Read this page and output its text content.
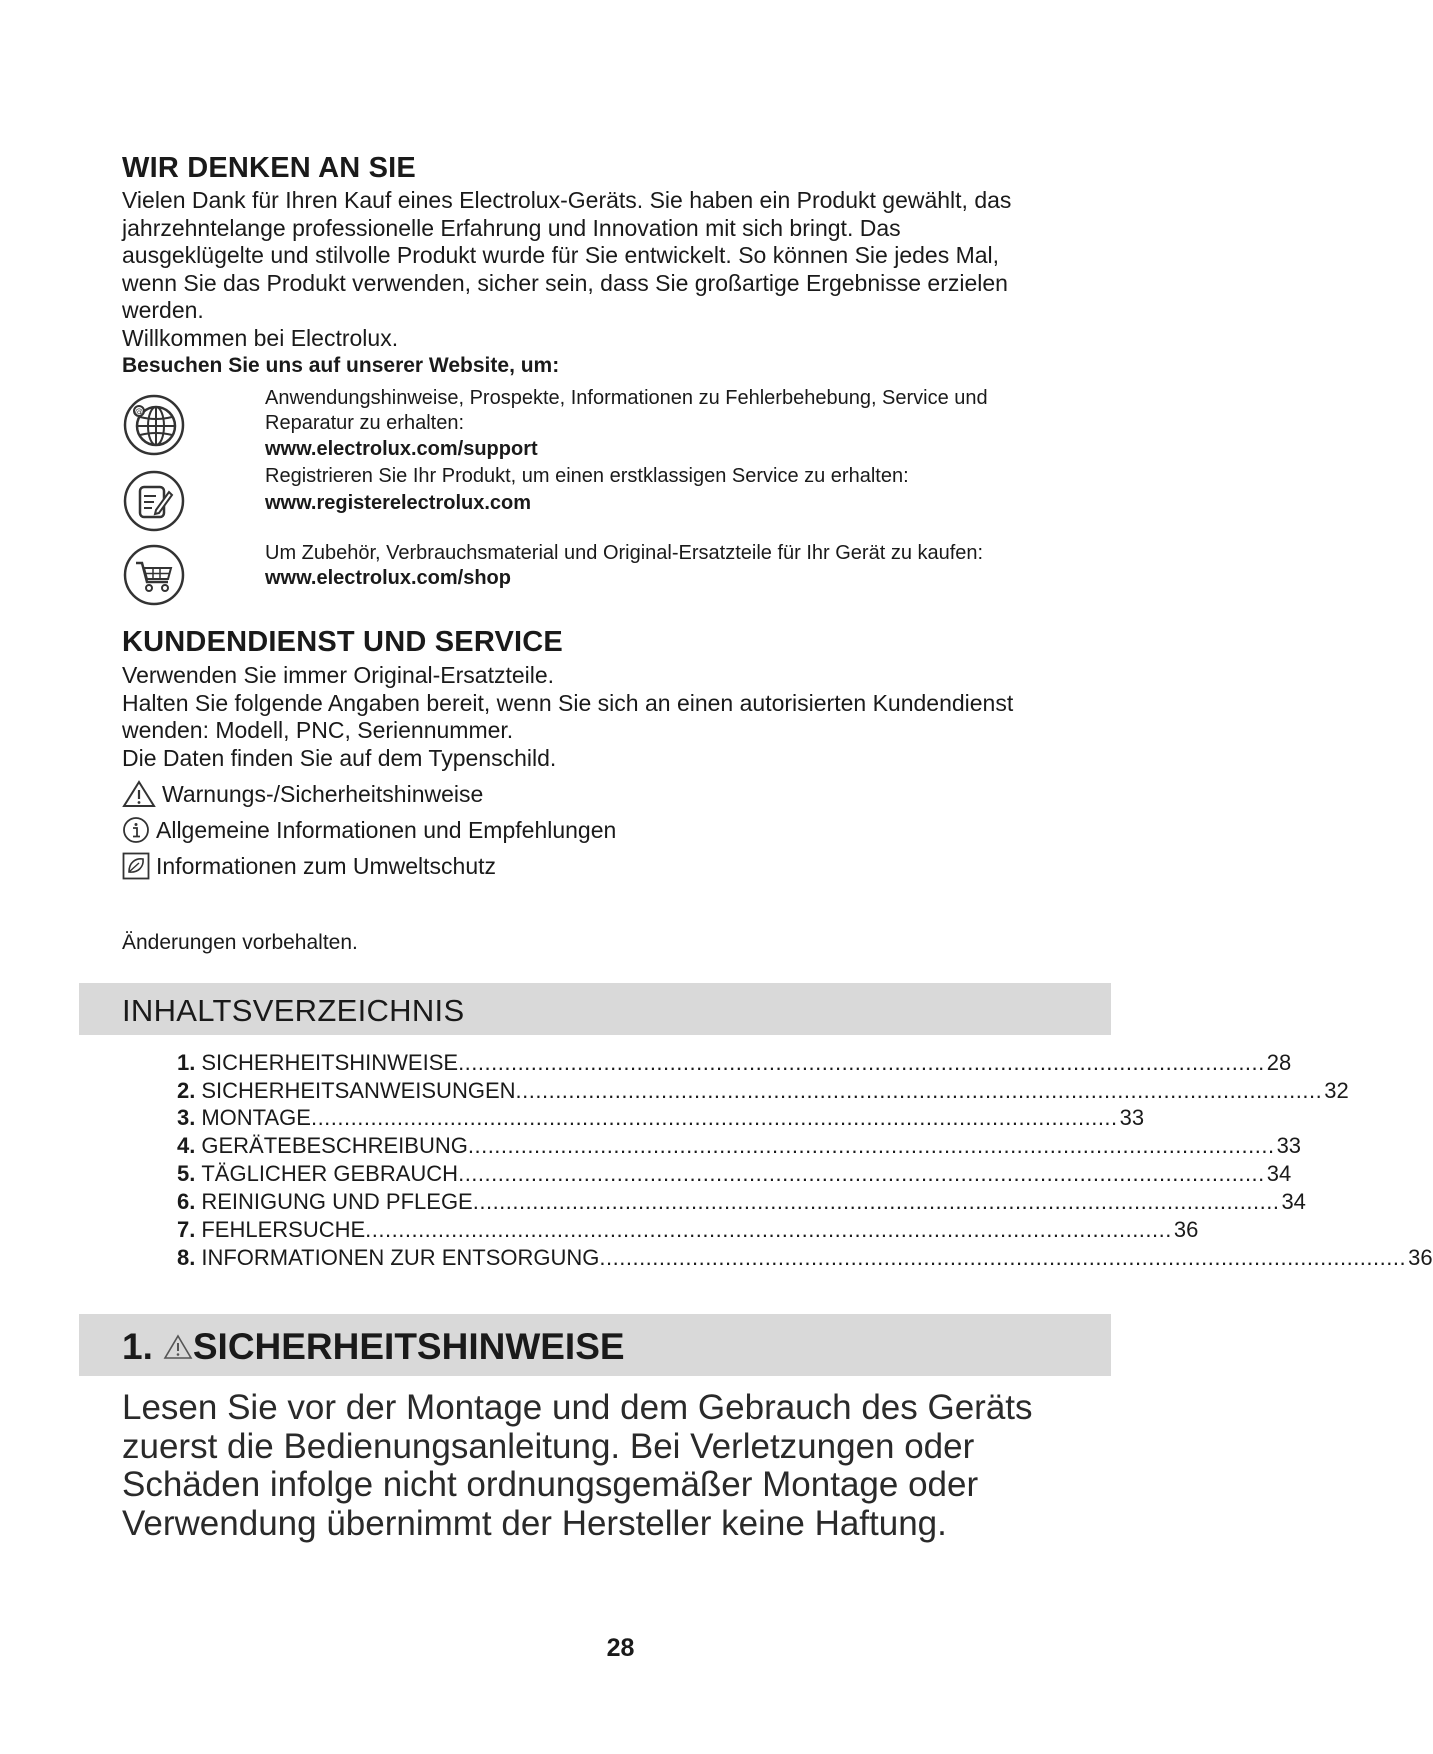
WIR DENKEN AN SIE
Vielen Dank für Ihren Kauf eines Electrolux-Geräts. Sie haben ein Produkt gewählt, das
jahrzehntelange professionelle Erfahrung und Innovation mit sich bringt. Das
ausgeklügelte und stilvolle Produkt wurde für Sie entwickelt. So können Sie jedes Mal,
wenn Sie das Produkt verwenden, sicher sein, dass Sie großartige Ergebnisse erzielen
werden.
Willkommen bei Electrolux.
Besuchen Sie uns auf unserer Website, um:
@
Anwendungshinweise, Prospekte, Informationen zu Fehlerbehebung, Service und
Reparatur zu erhalten:
www.electrolux.com/support
Registrieren Sie Ihr Produkt, um einen erstklassigen Service zu erhalten:
www.registerelectrolux.com
Um Zubehör, Verbrauchsmaterial und Original-Ersatzteile für Ihr Gerät zu kaufen:
www.electrolux.com/shop
KUNDENDIENST UND SERVICE
Verwenden Sie immer Original-Ersatzteile.
Halten Sie folgende Angaben bereit, wenn Sie sich an einen autorisierten Kundendienst
wenden: Modell, PNC, Seriennummer.
Die Daten finden Sie auf dem Typenschild.
Warnungs-/Sicherheitshinweise
Allgemeine Informationen und Empfehlungen
Informationen zum Umweltschutz
Änderungen vorbehalten.
INHALTSVERZEICHNIS
1. SICHERHEITSHINWEISE .......................................................................................................................... 28
2. SICHERHEITSANWEISUNGEN .......................................................................................................................... 32
3. MONTAGE .......................................................................................................................... 33
4. GERÄTEBESCHREIBUNG .......................................................................................................................... 33
5. TÄGLICHER GEBRAUCH .......................................................................................................................... 34
6. REINIGUNG UND PFLEGE .......................................................................................................................... 34
7. FEHLERSUCHE .......................................................................................................................... 36
8. INFORMATIONEN ZUR ENTSORGUNG .......................................................................................................................... 36
1. SICHERHEITSHINWEISE
Lesen Sie vor der Montage und dem Gebrauch des Geräts
zuerst die Bedienungsanleitung. Bei Verletzungen oder
Schäden infolge nicht ordnungsgemäßer Montage oder
Verwendung übernimmt der Hersteller keine Haftung.
28
